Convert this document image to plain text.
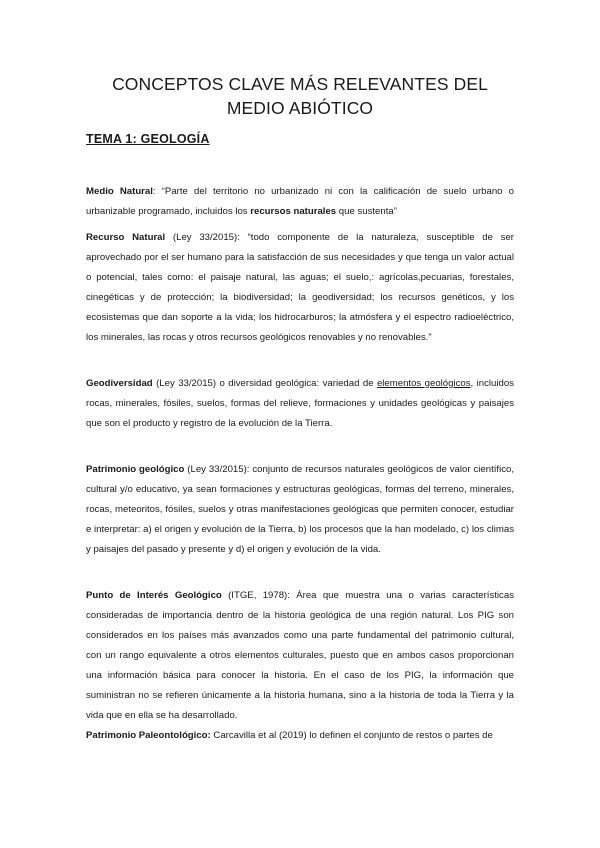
CONCEPTOS CLAVE MÁS RELEVANTES DEL MEDIO ABIÓTICO
TEMA 1: GEOLOGÍA

Medio Natural: “Parte del territorio no urbanizado ni con la calificación de suelo urbano o urbanizable programado, incluidos los recursos naturales que sustenta”

Recurso Natural (Ley 33/2015): “todo componente de la naturaleza, susceptible de ser aprovechado por el ser humano para la satisfacción de sus necesidades y que tenga un valor actual o potencial, tales como: el paisaje natural, las aguas; el suelo,: agrícolas,pecuarias, forestales, cinegéticas y de protección; la biodiversidad; la geodiversidad; los recursos genéticos, y los ecosistemas que dan soporte a la vida; los hidrocarburos; la atmósfera y el espectro radioeléctrico, los minerales, las rocas y otros recursos geológicos renovables y no renovables.”

Geodiversidad (Ley 33/2015) o diversidad geológica: variedad de elementos geológicos, incluidos rocas, minerales, fósiles, suelos, formas del relieve, formaciones y unidades geológicas y paisajes que son el producto y registro de la evolución de la Tierra.

Patrimonio geológico (Ley 33/2015): conjunto de recursos naturales geológicos de valor científico, cultural y/o educativo, ya sean formaciones y estructuras geológicas, formas del terreno, minerales, rocas, meteoritos, fósiles, suelos y otras manifestaciones geológicas que permiten conocer, estudiar e interpretar: a) el origen y evolución de la Tierra, b) los procesos que la han modelado, c) los climas y paisajes del pasado y presente y d) el origen y evolución de la vida.

Punto de Interés Geológico (ITGE, 1978): Área que muestra una o varias características consideradas de importancia dentro de la historia geológica de una región natural. Los PIG son considerados en los países más avanzados como una parte fundamental del patrimonio cultural, con un rango equivalente a otros elementos culturales, puesto que en ambos casos proporcionan una información básica para conocer la historia. En el caso de los PIG, la información que suministran no se refieren únicamente a la historia humana, sino a la historia de toda la Tierra y la vida que en ella se ha desarrollado.

Patrimonio Paleontológico: Carcavilla et al (2019) lo definen el conjunto de restos o partes de
